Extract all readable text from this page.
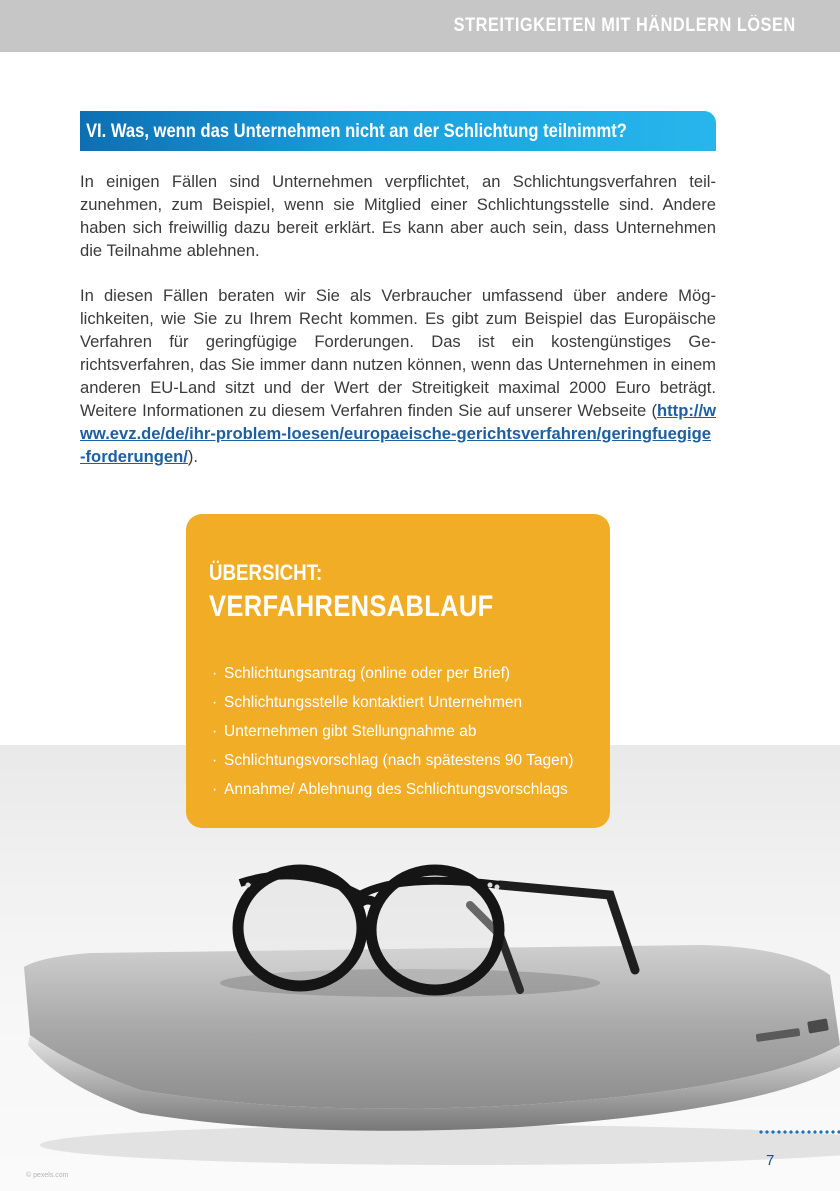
STREITIGKEITEN MIT HÄNDLERN LÖSEN
VI. Was, wenn das Unternehmen nicht an der Schlichtung teilnimmt?

In einigen Fällen sind Unternehmen verpflichtet, an Schlichtungsverfahren teilzunehmen, zum Beispiel, wenn sie Mitglied einer Schlichtungsstelle sind. Andere haben sich freiwillig dazu bereit erklärt. Es kann aber auch sein, dass Unternehmen die Teilnahme ablehnen.

In diesen Fällen beraten wir Sie als Verbraucher umfassend über andere Möglichkeiten, wie Sie zu Ihrem Recht kommen. Es gibt zum Beispiel das Europäische Verfahren für geringfügige Forderungen. Das ist ein kostengünstiges Gerichtsverfahren, das Sie immer dann nutzen können, wenn das Unternehmen in einem anderen EU-Land sitzt und der Wert der Streitigkeit maximal 2000 Euro beträgt. Weitere Informationen zu diesem Verfahren finden Sie auf unserer Webseite (http://www.evz.de/de/ihr-problem-loesen/europaeische-gerichtsverfahren/geringfuegige-forderungen/).

ÜBERSICHT:
VERFAHRENSABLAUF
· Schlichtungsantrag (online oder per Brief)
· Schlichtungsstelle kontaktiert Unternehmen
· Unternehmen gibt Stellungnahme ab
· Schlichtungsvorschlag (nach spätestens 90 Tagen)
· Annahme/ Ablehnung des Schlichtungsvorschlags
7
© pexels.com
